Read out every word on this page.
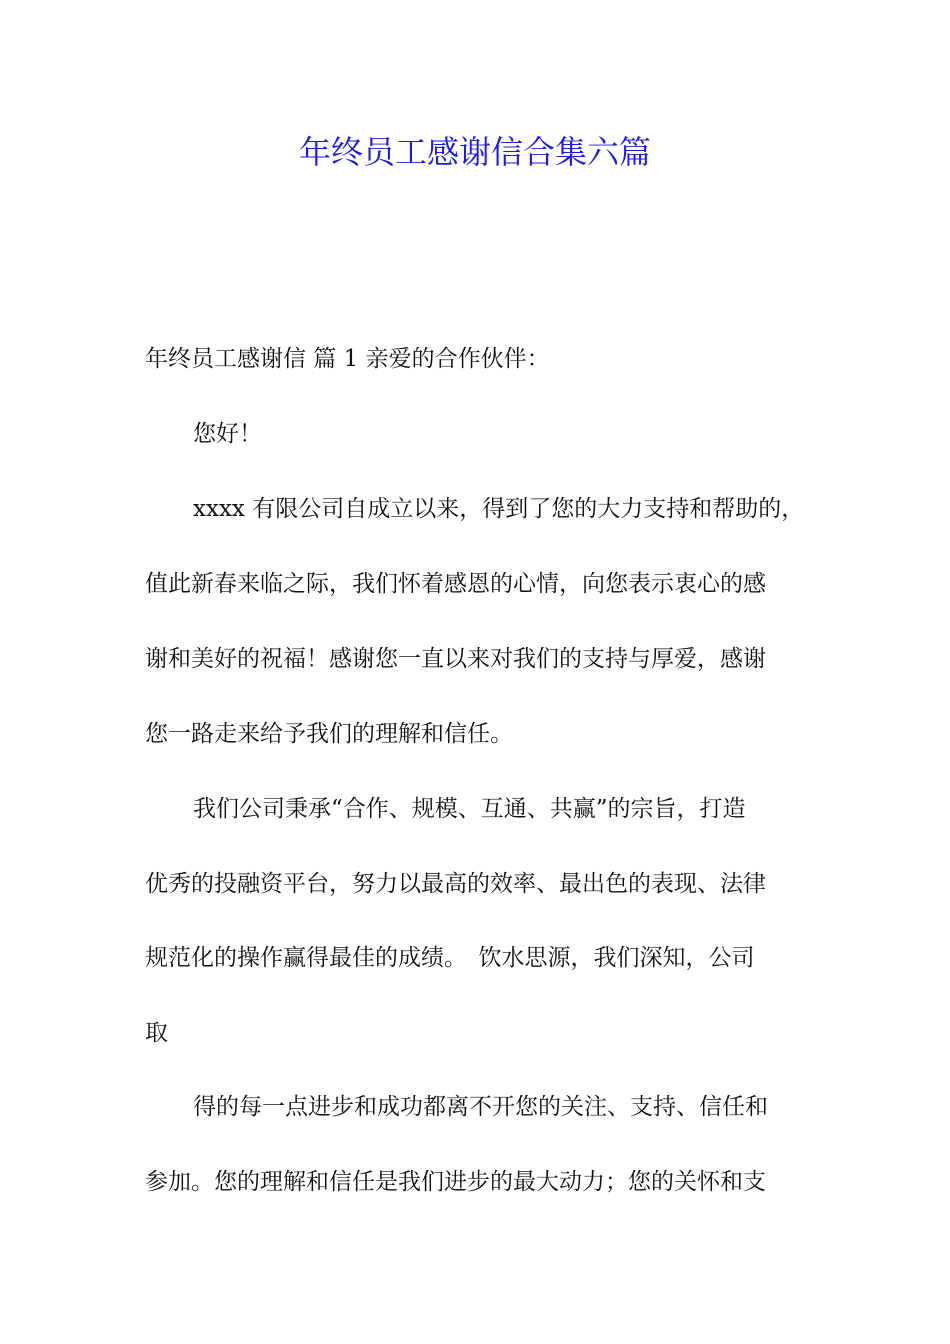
年终员工感谢信合集六篇
年终员工感谢信 篇 1 亲爱的合作伙伴：
您好！
xxxx 有限公司自成立以来，得到了您的大力支持和帮助的，
值此新春来临之际，我们怀着感恩的心情，向您表示衷心的感
谢和美好的祝福！感谢您一直以来对我们的支持与厚爱，感谢
您一路走来给予我们的理解和信任。
我们公司秉承“合作、规模、互通、共赢”的宗旨，打造
优秀的投融资平台，努力以最高的效率、最出色的表现、法律
规范化的操作赢得最佳的成绩。　饮水思源，我们深知，公司
取
得的每一点进步和成功都离不开您的关注、支持、信任和
参加。您的理解和信任是我们进步的最大动力；您的关怀和支
